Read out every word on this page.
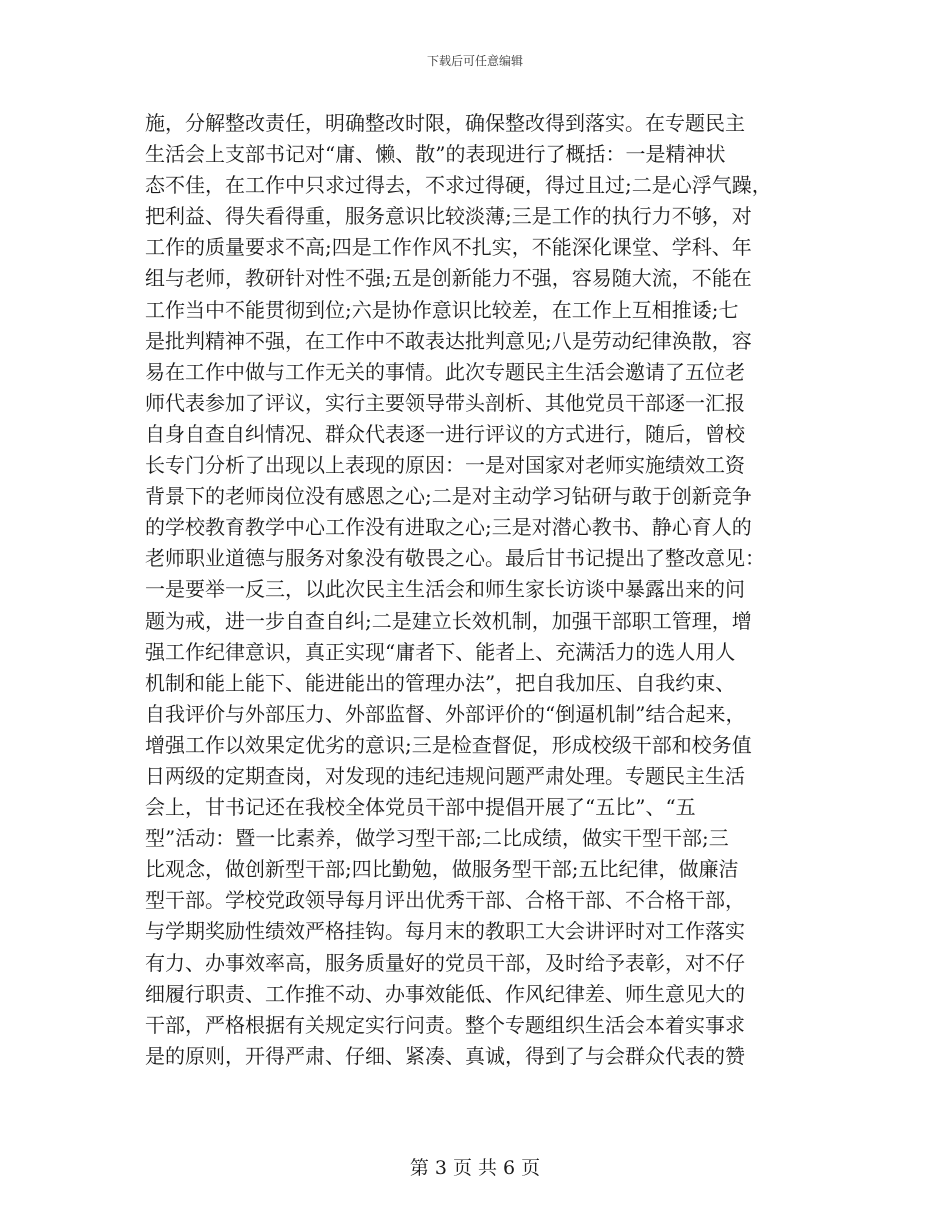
下载后可任意编辑
施，分解整改责任，明确整改时限，确保整改得到落实。在专题民主
生活会上支部书记对“庸、懒、散”的表现进行了概括：一是精神状
态不佳，在工作中只求过得去，不求过得硬，得过且过;二是心浮气躁，
把利益、得失看得重，服务意识比较淡薄;三是工作的执行力不够，对
工作的质量要求不高;四是工作作风不扎实，不能深化课堂、学科、年
组与老师，教研针对性不强;五是创新能力不强，容易随大流，不能在
工作当中不能贯彻到位;六是协作意识比较差，在工作上互相推诿;七
是批判精神不强，在工作中不敢表达批判意见;八是劳动纪律涣散，容
易在工作中做与工作无关的事情。此次专题民主生活会邀请了五位老
师代表参加了评议，实行主要领导带头剖析、其他党员干部逐一汇报
自身自查自纠情况、群众代表逐一进行评议的方式进行，随后，曾校
长专门分析了出现以上表现的原因：一是对国家对老师实施绩效工资
背景下的老师岗位没有感恩之心;二是对主动学习钻研与敢于创新竞争
的学校教育教学中心工作没有进取之心;三是对潜心教书、静心育人的
老师职业道德与服务对象没有敬畏之心。最后甘书记提出了整改意见：
一是要举一反三，以此次民主生活会和师生家长访谈中暴露出来的问
题为戒，进一步自查自纠;二是建立长效机制，加强干部职工管理，增
强工作纪律意识，真正实现“庸者下、能者上、充满活力的选人用人
机制和能上能下、能进能出的管理办法”，把自我加压、自我约束、
自我评价与外部压力、外部监督、外部评价的“倒逼机制”结合起来，
增强工作以效果定优劣的意识;三是检查督促，形成校级干部和校务值
日两级的定期查岗，对发现的违纪违规问题严肃处理。专题民主生活
会上，甘书记还在我校全体党员干部中提倡开展了“五比”、“五
型”活动：暨一比素养，做学习型干部;二比成绩，做实干型干部;三
比观念，做创新型干部;四比勤勉，做服务型干部;五比纪律，做廉洁
型干部。学校党政领导每月评出优秀干部、合格干部、不合格干部，
与学期奖励性绩效严格挂钩。每月末的教职工大会讲评时对工作落实
有力、办事效率高，服务质量好的党员干部，及时给予表彰，对不仔
细履行职责、工作推不动、办事效能低、作风纪律差、师生意见大的
干部，严格根据有关规定实行问责。整个专题组织生活会本着实事求
是的原则，开得严肃、仔细、紧凑、真诚，得到了与会群众代表的赞
第 3 页 共 6 页
